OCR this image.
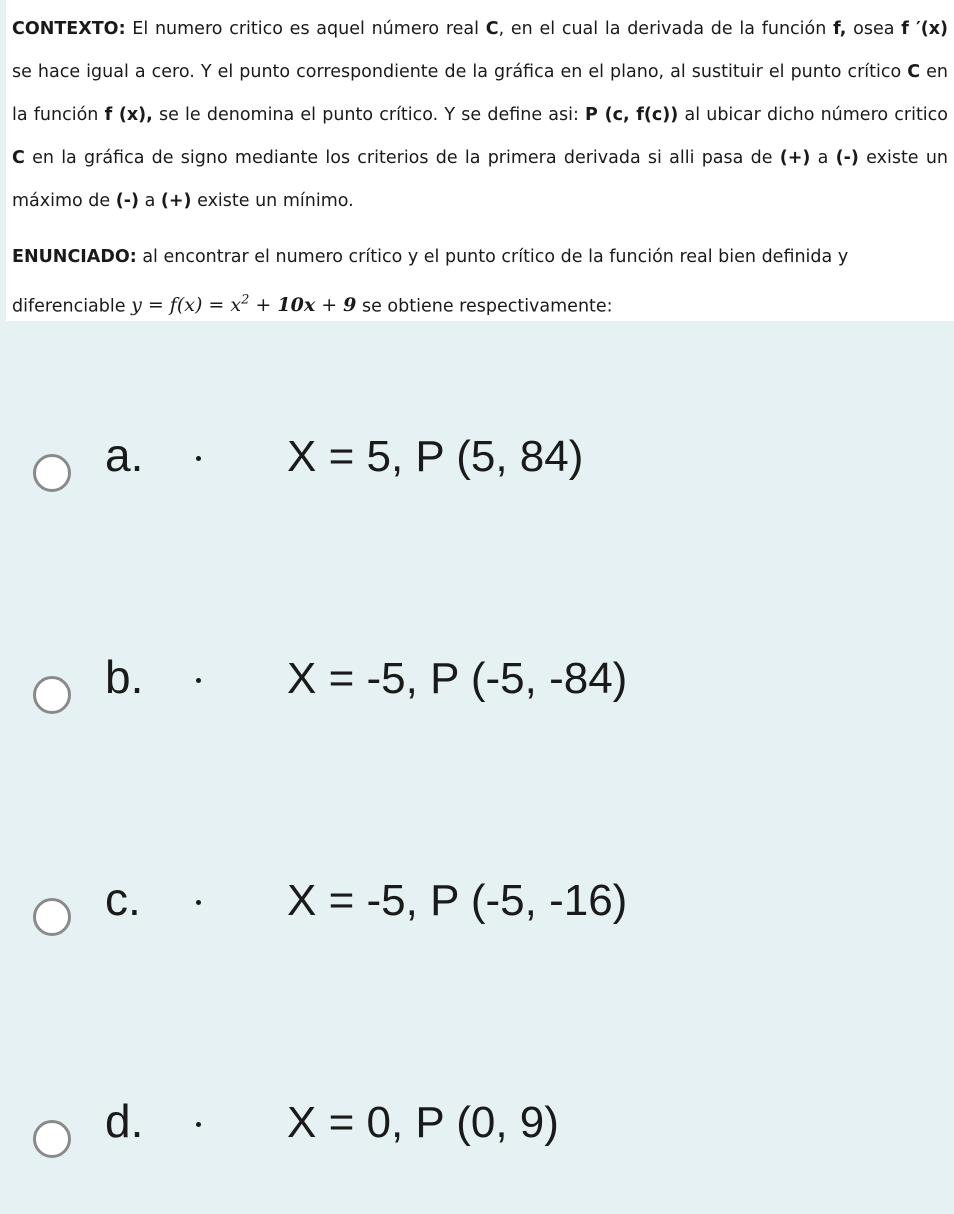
CONTEXTO: El numero critico es aquel número real C, en el cual la derivada de la función f, osea f ′(x) se hace igual a cero. Y el punto correspondiente de la gráfica en el plano, al sustituir el punto crítico C en la función f (x), se le denomina el punto crítico. Y se define asi: P (c, f(c)) al ubicar dicho número critico C en la gráfica de signo mediante los criterios de la primera derivada si alli pasa de (+) a (-) existe un máximo de (-) a (+) existe un mínimo.

ENUNCIADO: al encontrar el numero crítico y el punto crítico de la función real bien definida y diferenciable $y = f(x) = x^2 + 10x + 9$ se obtiene respectivamente:

a.	X = 5, P (5, 84)
b.	X = -5, P (-5, -84)
c.	X = -5, P (-5, -16)
d.	X = 0, P (0, 9)
